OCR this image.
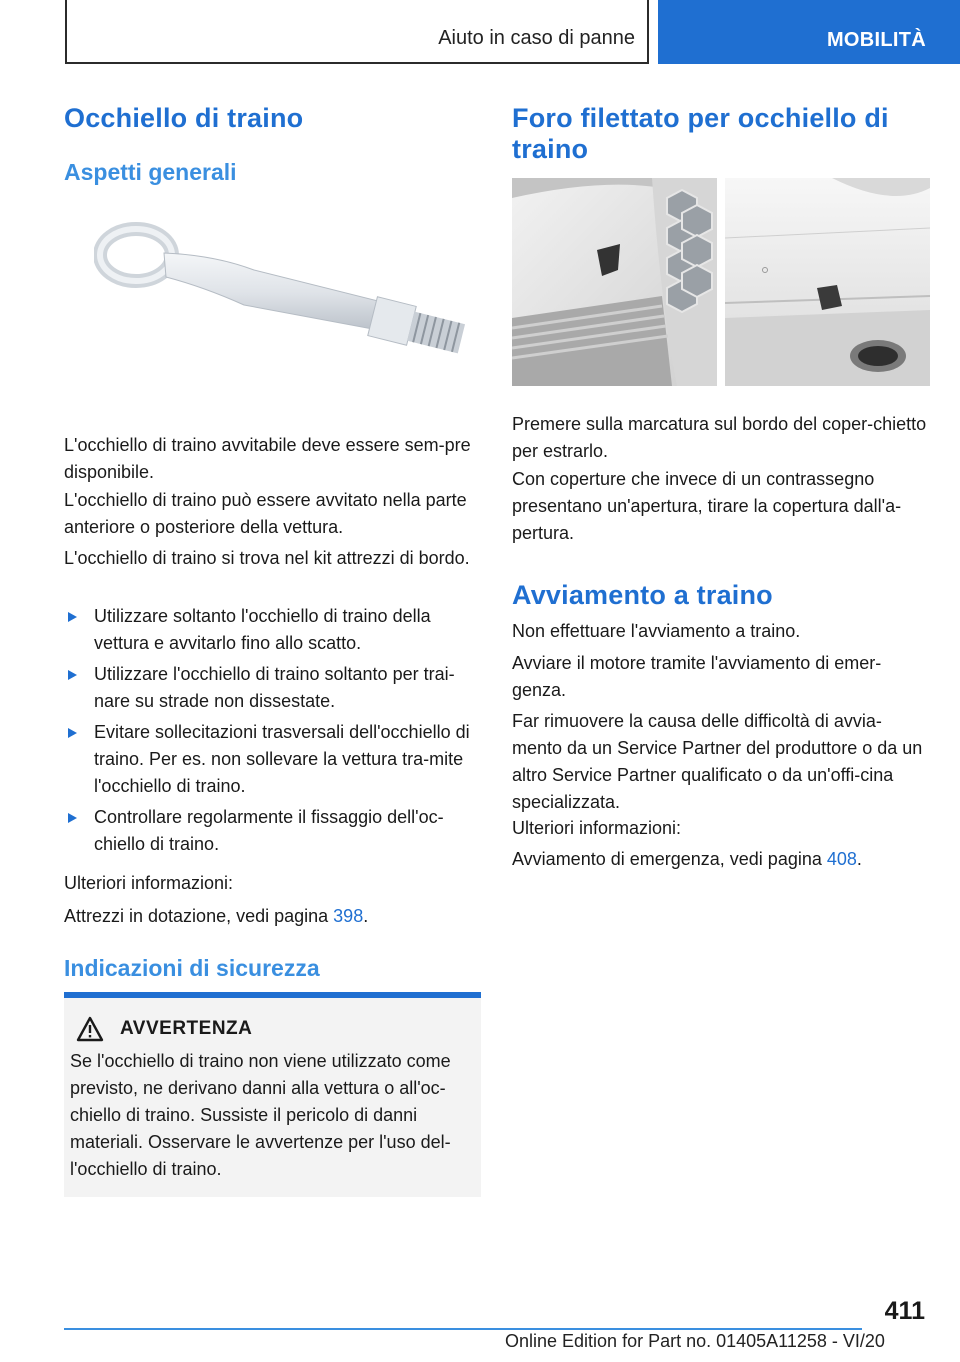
Aiuto in caso di panne	MOBILITÀ
Occhiello di traino
Aspetti generali

L'occhiello di traino avvitabile deve essere sem-pre disponibile.

L'occhiello di traino può essere avvitato nella parte anteriore o posteriore della vettura.

L'occhiello di traino si trova nel kit attrezzi di bordo.

Utilizzare soltanto l'occhiello di traino della vettura e avvitarlo fino allo scatto.
Utilizzare l'occhiello di traino soltanto per trai-nare su strade non dissestate.
Evitare sollecitazioni trasversali dell'occhiello di traino. Per es. non sollevare la vettura tra-mite l'occhiello di traino.
Controllare regolarmente il fissaggio dell'oc-chiello di traino.

Ulteriori informazioni:

Attrezzi in dotazione, vedi pagina 398.

Indicazioni di sicurezza
AVVERTENZA

Se l'occhiello di traino non viene utilizzato come previsto, ne derivano danni alla vettura o all'oc-chiello di traino. Sussiste il pericolo di danni materiali. Osservare le avvertenze per l'uso del-l'occhiello di traino.

Foro filettato per occhiello di traino

Premere sulla marcatura sul bordo del coper-chietto per estrarlo.

Con coperture che invece di un contrassegno presentano un'apertura, tirare la copertura dall'a-pertura.

Avviamento a traino

Non effettuare l'avviamento a traino.

Avviare il motore tramite l'avviamento di emer-genza.

Far rimuovere la causa delle difficoltà di avvia-mento da un Service Partner del produttore o da un altro Service Partner qualificato o da un'offi-cina specializzata.

Ulteriori informazioni:

Avviamento di emergenza, vedi pagina 408.

411
Online Edition for Part no. 01405A11258 - VI/20
